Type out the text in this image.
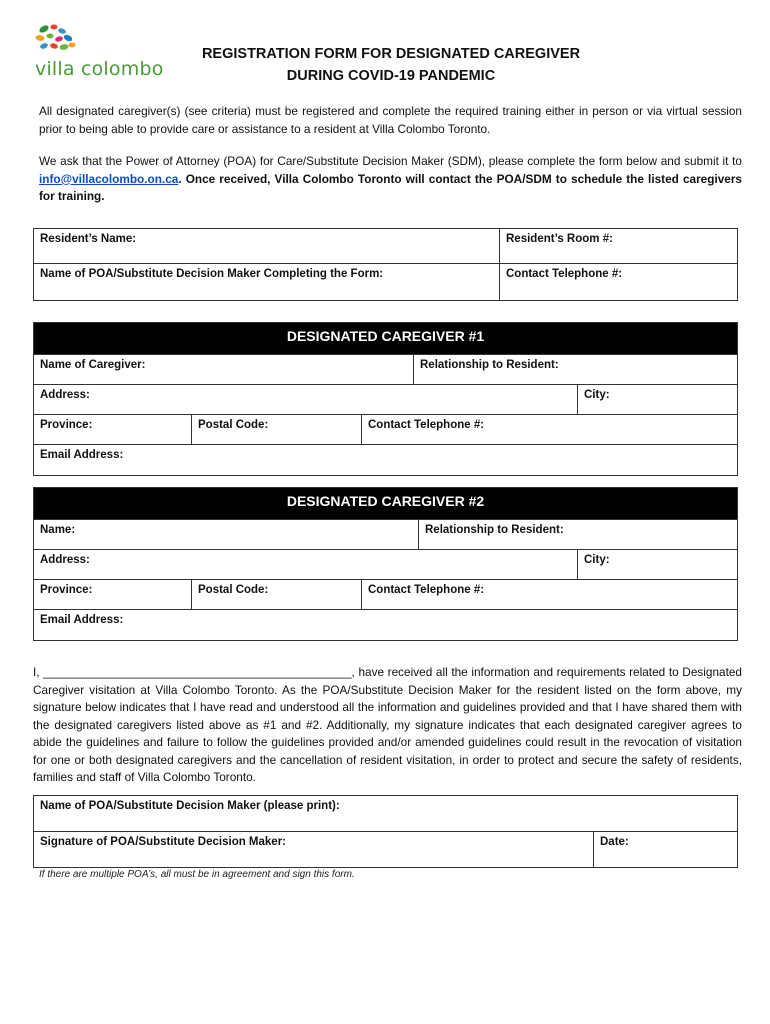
villa colombo
REGISTRATION FORM FOR DESIGNATED CAREGIVER
DURING COVID-19 PANDEMIC
All designated caregiver(s) (see criteria) must be registered and complete the required training either in person or via virtual session prior to being able to provide care or assistance to a resident at Villa Colombo Toronto.
We ask that the Power of Attorney (POA) for Care/Substitute Decision Maker (SDM), please complete the form below and submit it to info@villacolombo.on.ca. Once received, Villa Colombo Toronto will contact the POA/SDM to schedule the listed caregivers for training.
Resident’s Name:	Resident’s Room #:
Name of POA/Substitute Decision Maker Completing the Form:	Contact Telephone #:
DESIGNATED CAREGIVER #1				
Name of Caregiver:			Relationship to Resident:	
Address:				City:
Province:	Postal Code:	Contact Telephone #:		
Email Address:				
DESIGNATED CAREGIVER #2				
Name:			Relationship to Resident:	
Address:				City:
Province:	Postal Code:	Contact Telephone #:		
Email Address:				
I, _______________________________________________, have received all the information and requirements related to Designated Caregiver visitation at Villa Colombo Toronto. As the POA/Substitute Decision Maker for the resident listed on the form above, my signature below indicates that I have read and understood all the information and guidelines provided and that I have shared them with the designated caregivers listed above as #1 and #2. Additionally, my signature indicates that each designated caregiver agrees to abide the guidelines and failure to follow the guidelines provided and/or amended guidelines could result in the revocation of visitation for one or both designated caregivers and the cancellation of resident visitation, in order to protect and secure the safety of residents, families and staff of Villa Colombo Toronto.
Name of POA/Substitute Decision Maker (please print):
Signature of POA/Substitute Decision Maker:	Date:
If there are multiple POA’s, all must be in agreement and sign this form.
